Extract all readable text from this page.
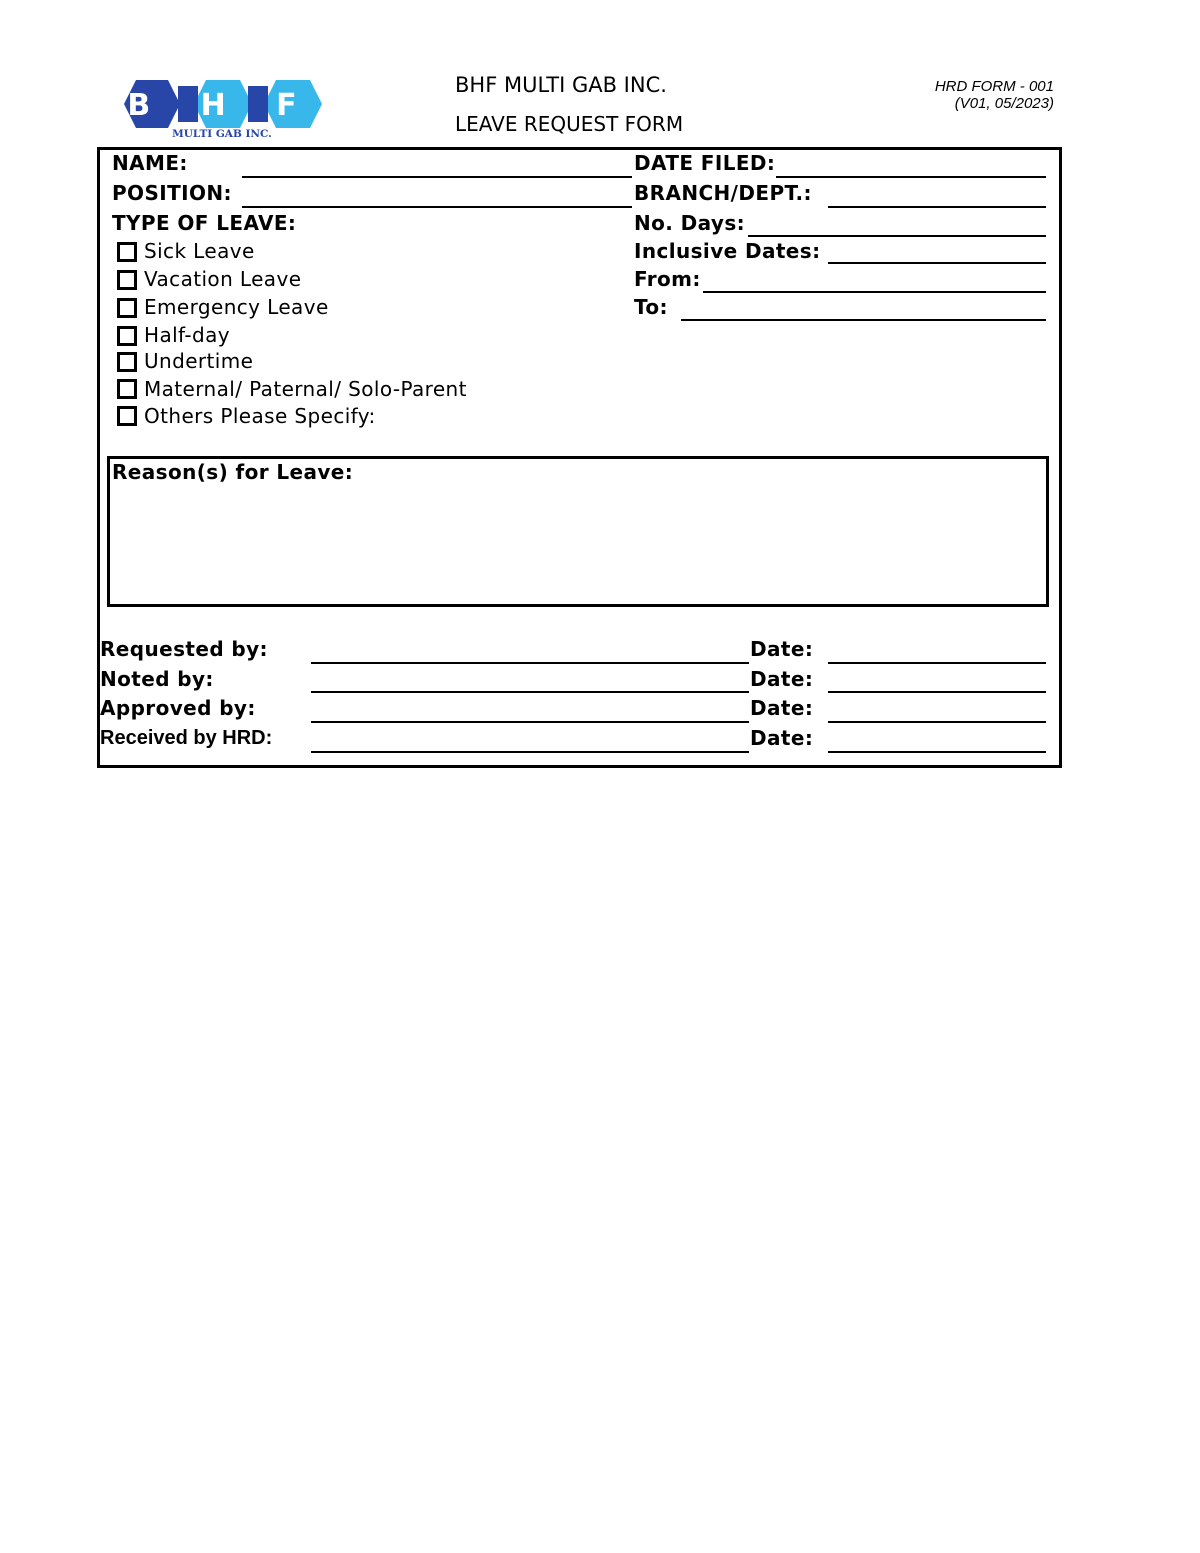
B H F
MULTI GAB INC.
BHF MULTI GAB INC.
LEAVE REQUEST FORM
HRD FORM - 001
(V01, 05/2023)
NAME:
POSITION:
TYPE OF LEAVE:
Sick Leave
Vacation Leave
Emergency Leave
Half-day
Undertime
Maternal/ Paternal/ Solo-Parent
Others Please Specify:
DATE FILED:
BRANCH/DEPT.:
No. Days:
Inclusive Dates:
From:
To:
Reason(s) for Leave:
Requested by:	Date:
Noted by:	Date:
Approved by:	Date:
Received by HRD:	Date:
